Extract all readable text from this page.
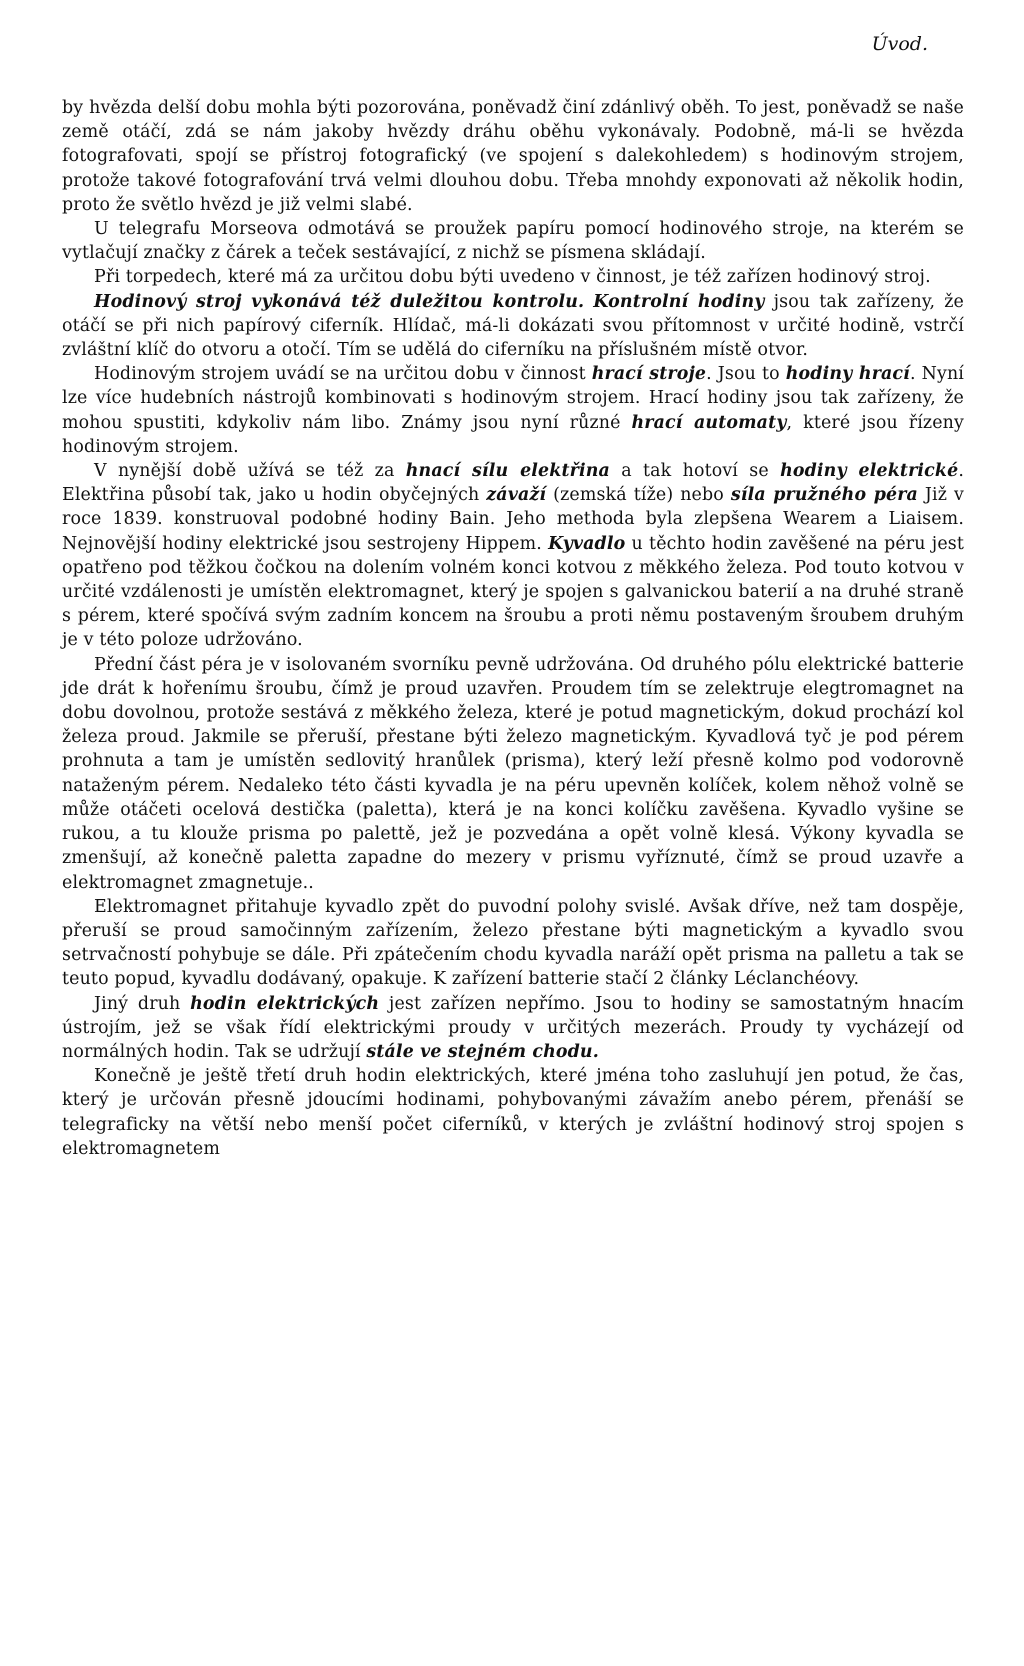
Úvod.

by hvězda delší dobu mohla býti pozorována, poněvadž činí zdánlivý oběh. To jest, poněvadž se naše země otáčí, zdá se nám jakoby hvězdy dráhu oběhu vykonávaly. Podobně, má-li se hvězda fotografovati, spojí se přístroj fotografický (ve spojení s dalekohledem) s hodinovým strojem, protože takové fotografování trvá velmi dlouhou dobu. Třeba mnohdy exponovati až několik hodin, proto že světlo hvězd je již velmi slabé.

U telegrafu Morseova odmotává se proužek papíru pomocí hodinového stroje, na kterém se vytlačují značky z čárek a teček sestávající, z nichž se písmena skládají.

Při torpedech, které má za určitou dobu býti uvedeno v činnost, je též zařízen hodinový stroj.

Hodinový stroj vykonává též duležitou kontrolu. Kontrolní hodiny jsou tak zařízeny, že otáčí se při nich papírový ciferník. Hlídač, má-li dokázati svou přítomnost v určité hodině, vstrčí zvláštní klíč do otvoru a otočí. Tím se udělá do ciferníku na příslušném místě otvor.

Hodinovým strojem uvádí se na určitou dobu v činnost hrací stroje. Jsou to hodiny hrací. Nyní lze více hudebních nástrojů kombinovati s hodinovým strojem. Hrací hodiny jsou tak zařízeny, že mohou spustiti, kdykoliv nám libo. Známy jsou nyní různé hrací automaty, které jsou řízeny hodinovým strojem.

V nynější době užívá se též za hnací sílu elektřina a tak hotoví se hodiny elektrické. Elektřina působí tak, jako u hodin obyčejných závaží (zemská tíže) nebo síla pružného péra Již v roce 1839. konstruoval podobné hodiny Bain. Jeho methoda byla zlepšena Wearem a Liaisem. Nejnovější hodiny elektrické jsou sestrojeny Hippem. Kyvadlo u těchto hodin zavěšené na péru jest opatřeno pod těžkou čočkou na dolením volném konci kotvou z měkkého železa. Pod touto kotvou v určité vzdálenosti je umístěn elektromagnet, který je spojen s galvanickou baterií a na druhé straně s pérem, které spočívá svým zadním koncem na šroubu a proti němu postaveným šroubem druhým je v této poloze udržováno.

Přední část péra je v isolovaném svorníku pevně udržována. Od druhého pólu elektrické batterie jde drát k hořenímu šroubu, čímž je proud uzavřen. Proudem tím se zelektruje elegtromagnet na dobu dovolnou, protože sestává z měkkého železa, které je potud magnetickým, dokud prochází kol železa proud. Jakmile se přeruší, přestane býti železo magnetickým. Kyvadlová tyč je pod pérem prohnuta a tam je umístěn sedlovitý hranůlek (prisma), který leží přesně kolmo pod vodorovně nataženým pérem. Nedaleko této části kyvadla je na péru upevněn kolíček, kolem něhož volně se může otáčeti ocelová destička (paletta), která je na konci kolíčku zavěšena. Kyvadlo vyšine se rukou, a tu klouže prisma po palettě, jež je pozvedána a opět volně klesá. Výkony kyvadla se zmenšují, až konečně paletta zapadne do mezery v prismu vyříznuté, čímž se proud uzavře a elektromagnet zmagnetuje..

Elektromagnet přitahuje kyvadlo zpět do puvodní polohy svislé. Avšak dříve, než tam dospěje, přeruší se proud samočinným zařízením, železo přestane býti magnetickým a kyvadlo svou setrvačností pohybuje se dále. Při zpátečením chodu kyvadla naráží opět prisma na palletu a tak se teuto popud, kyvadlu dodávaný, opakuje. K zařízení batterie stačí 2 články Léclanchéovy.

Jiný druh hodin elektrických jest zařízen nepřímo. Jsou to hodiny se samostatným hnacím ústrojím, jež se však řídí elektrickými proudy v určitých mezerách. Proudy ty vycházejí od normálných hodin. Tak se udržují stále ve stejném chodu.

Konečně je ještě třetí druh hodin elektrických, které jména toho zasluhují jen potud, že čas, který je určován přesně jdoucími hodinami, pohybovanými závažím anebo pérem, přenáší se telegraficky na větší nebo menší počet ciferníků, v kterých je zvláštní hodinový stroj spojen s elektromagnetem
